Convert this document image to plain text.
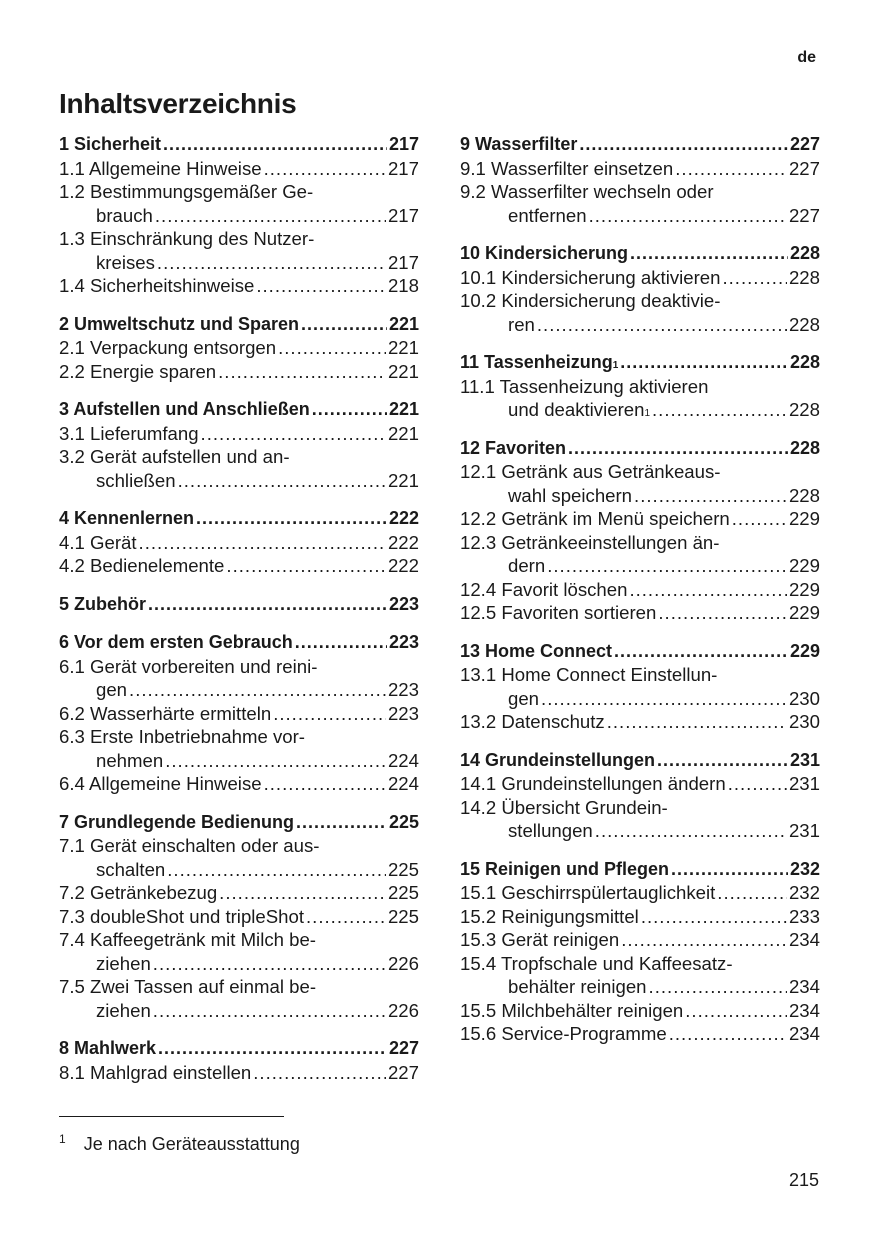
de
Inhaltsverzeichnis
1 Sicherheit .....	217
1.1 Allgemeine Hinweise .....	217
1.2 Bestimmungsgemäßer Ge-
brauch .....	217
1.3 Einschränkung des Nutzer-
kreises .....	217
1.4 Sicherheitshinweise .....	218
2 Umweltschutz und Sparen .....	221
2.1 Verpackung entsorgen .....	221
2.2 Energie sparen .....	221
3 Aufstellen und Anschließen .....	221
3.1 Lieferumfang .....	221
3.2 Gerät aufstellen und an-
schließen .....	221
4 Kennenlernen .....	222
4.1 Gerät .....	222
4.2 Bedienelemente .....	222
5 Zubehör .....	223
6 Vor dem ersten Gebrauch .....	223
6.1 Gerät vorbereiten und reini-
gen .....	223
6.2 Wasserhärte ermitteln .....	223
6.3 Erste Inbetriebnahme vor-
nehmen .....	224
6.4 Allgemeine Hinweise .....	224
7 Grundlegende Bedienung .....	225
7.1 Gerät einschalten oder aus-
schalten .....	225
7.2 Getränkebezug .....	225
7.3 doubleShot und tripleShot .....	225
7.4 Kaffeegetränk mit Milch be-
ziehen .....	226
7.5 Zwei Tassen auf einmal be-
ziehen .....	226
8 Mahlwerk .....	227
8.1 Mahlgrad einstellen .....	227
9 Wasserfilter .....	227
9.1 Wasserfilter einsetzen .....	227
9.2 Wasserfilter wechseln oder
entfernen .....	227
10 Kindersicherung .....	228
10.1 Kindersicherung aktivieren .....	228
10.2 Kindersicherung deaktivie-
ren .....	228
11 Tassenheizung 1 .....	228
11.1 Tassenheizung aktivieren
und deaktivieren 1 .....	228
12 Favoriten .....	228
12.1 Getränk aus Getränkeaus-
wahl speichern .....	228
12.2 Getränk im Menü speichern .....	229
12.3 Getränkeeinstellungen än-
dern .....	229
12.4 Favorit löschen .....	229
12.5 Favoriten sortieren .....	229
13 Home Connect .....	229
13.1 Home Connect Einstellun-
gen .....	230
13.2 Datenschutz .....	230
14 Grundeinstellungen .....	231
14.1 Grundeinstellungen ändern .....	231
14.2 Übersicht Grundein-
stellungen .....	231
15 Reinigen und Pflegen .....	232
15.1 Geschirrspülertauglichkeit .....	232
15.2 Reinigungsmittel .....	233
15.3 Gerät reinigen .....	234
15.4 Tropfschale und Kaffeesatz-
behälter reinigen .....	234
15.5 Milchbehälter reinigen .....	234
15.6 Service-Programme .....	234
$^1$ Je nach Geräteausstattung
215
